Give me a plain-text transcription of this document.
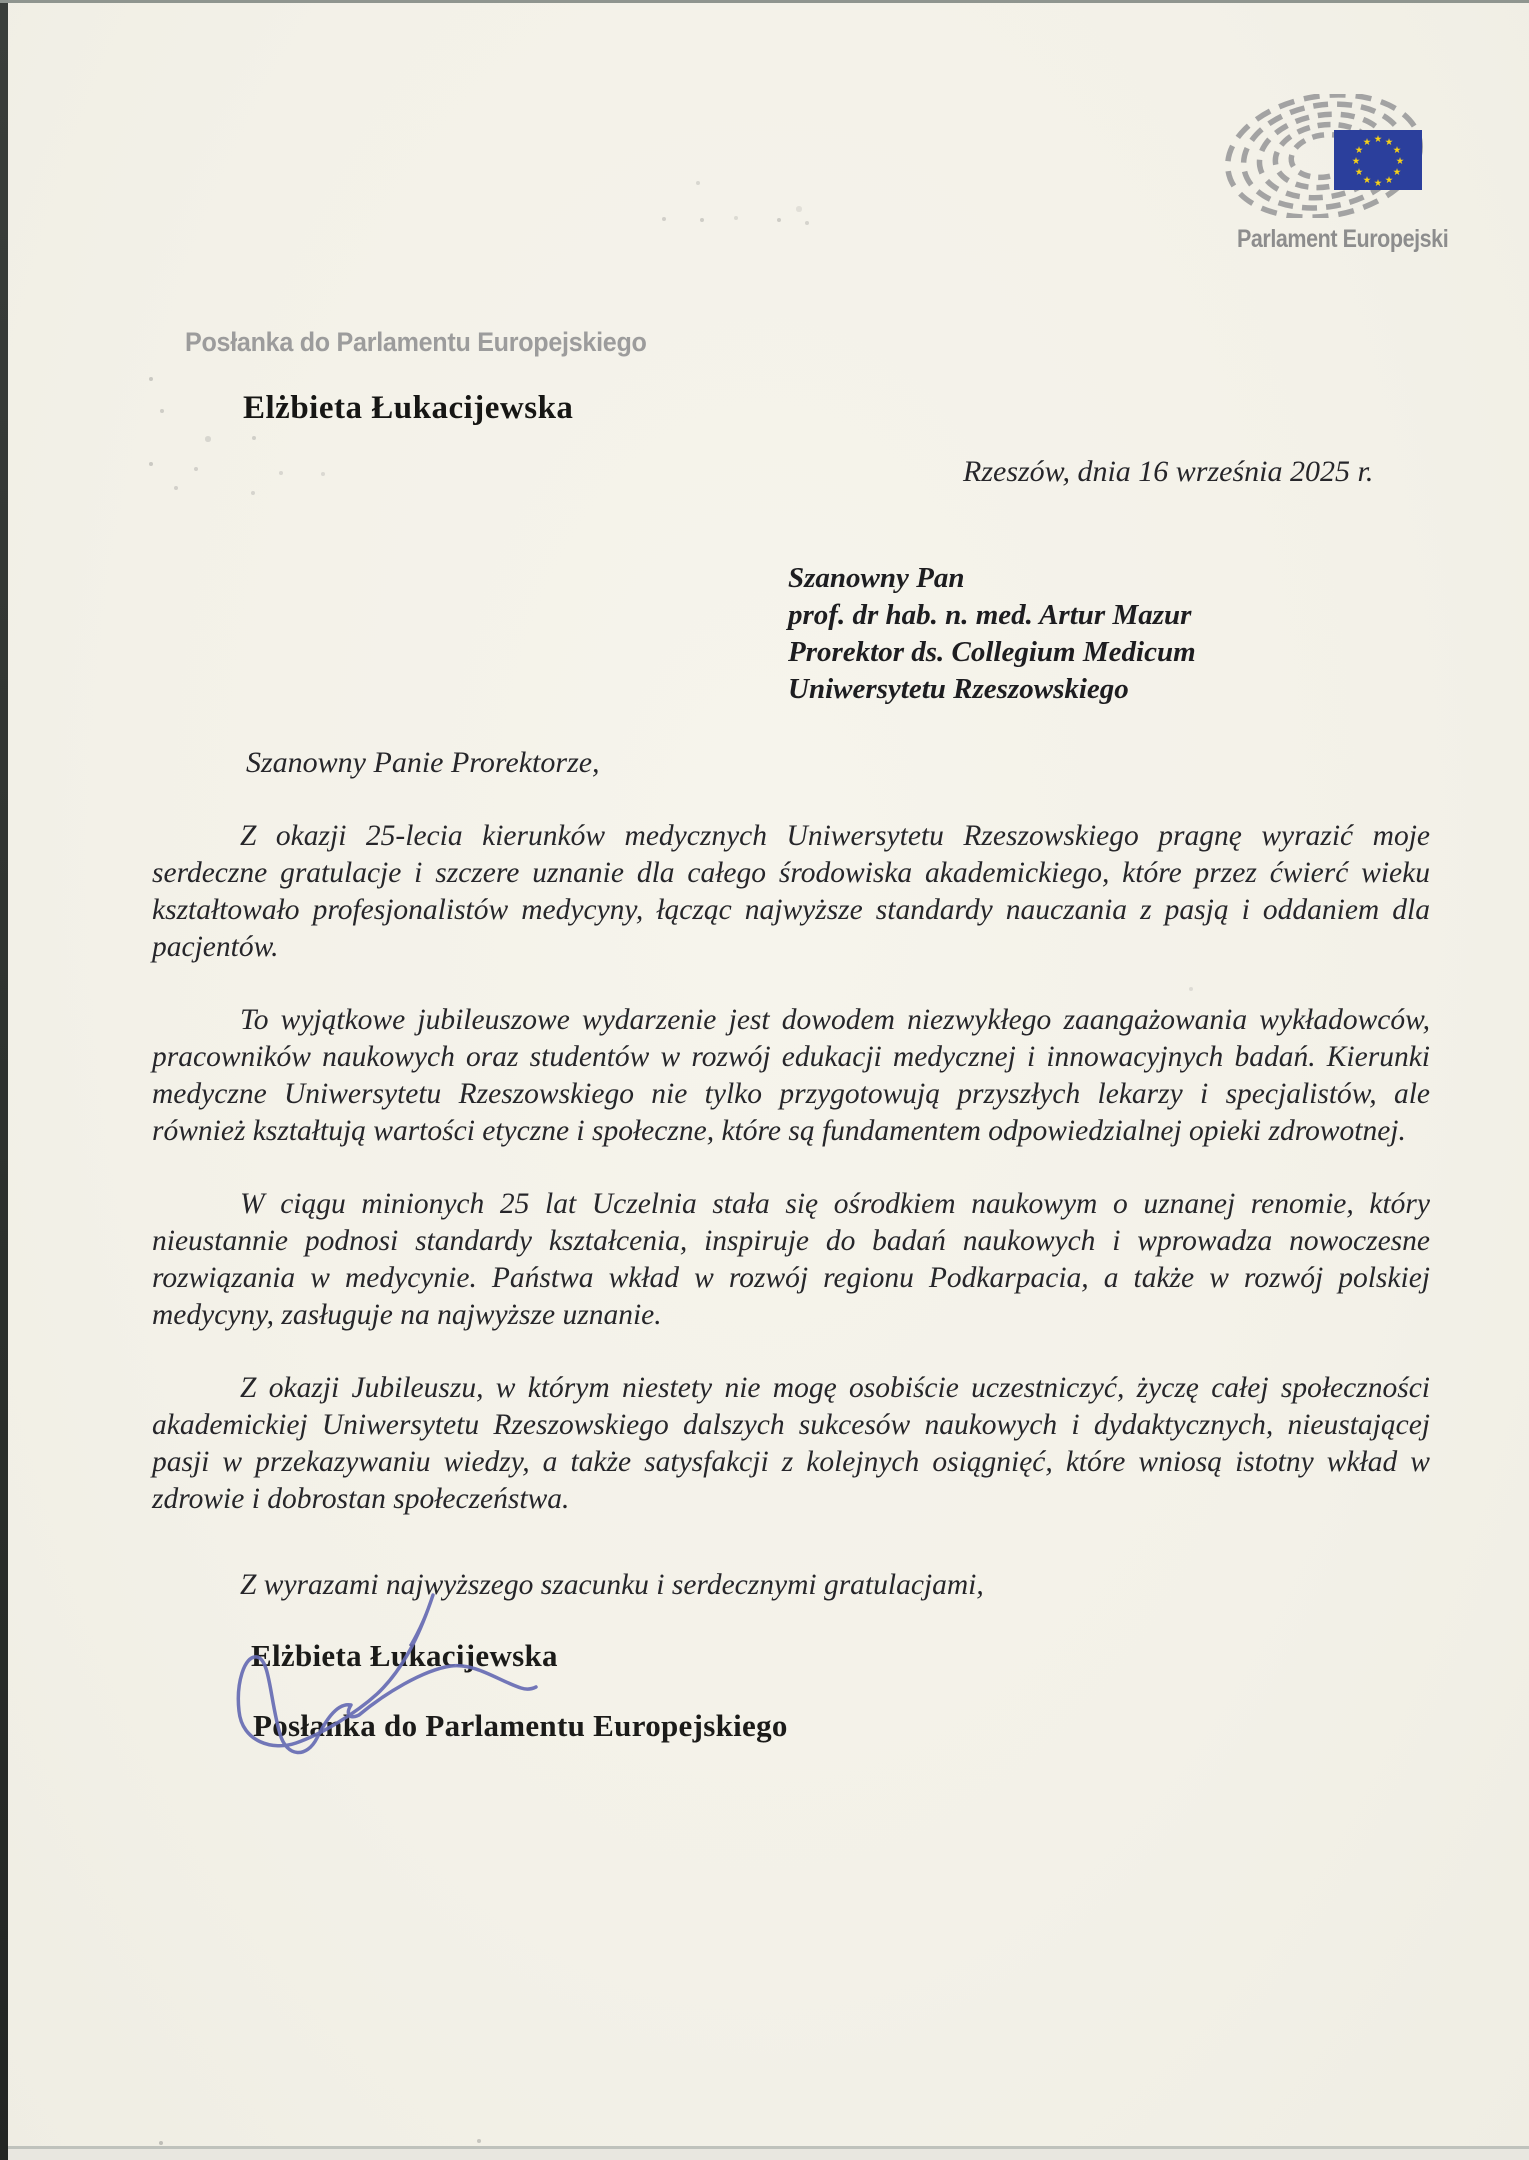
★ ★
★
★
★
★
★
★
★
★
★
★
Parlament Europejski
Posłanka do Parlamentu Europejskiego
Elżbieta Łukacijewska
Rzeszów, dnia 16 września 2025 r.
Szanowny Pan
prof. dr hab. n. med. Artur Mazur
Prorektor ds. Collegium Medicum
Uniwersytetu Rzeszowskiego
Szanowny Panie Prorektorze,

Z okazji 25-lecia kierunków medycznych Uniwersytetu Rzeszowskiego pragnę wyrazić moje serdeczne gratulacje i szczere uznanie dla całego środowiska akademickiego, które przez ćwierć wieku kształtowało profesjonalistów medycyny, łącząc najwyższe standardy nauczania z pasją i oddaniem dla pacjentów.

To wyjątkowe jubileuszowe wydarzenie jest dowodem niezwykłego zaangażowania wykładowców, pracowników naukowych oraz studentów w rozwój edukacji medycznej i innowacyjnych badań. Kierunki medyczne Uniwersytetu Rzeszowskiego nie tylko przygotowują przyszłych lekarzy i specjalistów, ale również kształtują wartości etyczne i społeczne, które są fundamentem odpowiedzialnej opieki zdrowotnej.

W ciągu minionych 25 lat Uczelnia stała się ośrodkiem naukowym o uznanej renomie, który nieustannie podnosi standardy kształcenia, inspiruje do badań naukowych i wprowadza nowoczesne rozwiązania w medycynie. Państwa wkład w rozwój regionu Podkarpacia, a także w rozwój polskiej medycyny, zasługuje na najwyższe uznanie.

Z okazji Jubileuszu, w którym niestety nie mogę osobiście uczestniczyć, życzę całej społeczności akademickiej Uniwersytetu Rzeszowskiego dalszych sukcesów naukowych i dydaktycznych, nieustającej pasji w przekazywaniu wiedzy, a także satysfakcji z kolejnych osiągnięć, które wniosą istotny wkład w zdrowie i dobrostan społeczeństwa.

Z wyrazami najwyższego szacunku i serdecznymi gratulacjami,
Elżbieta Łukacijewska
Posłanka do Parlamentu Europejskiego
